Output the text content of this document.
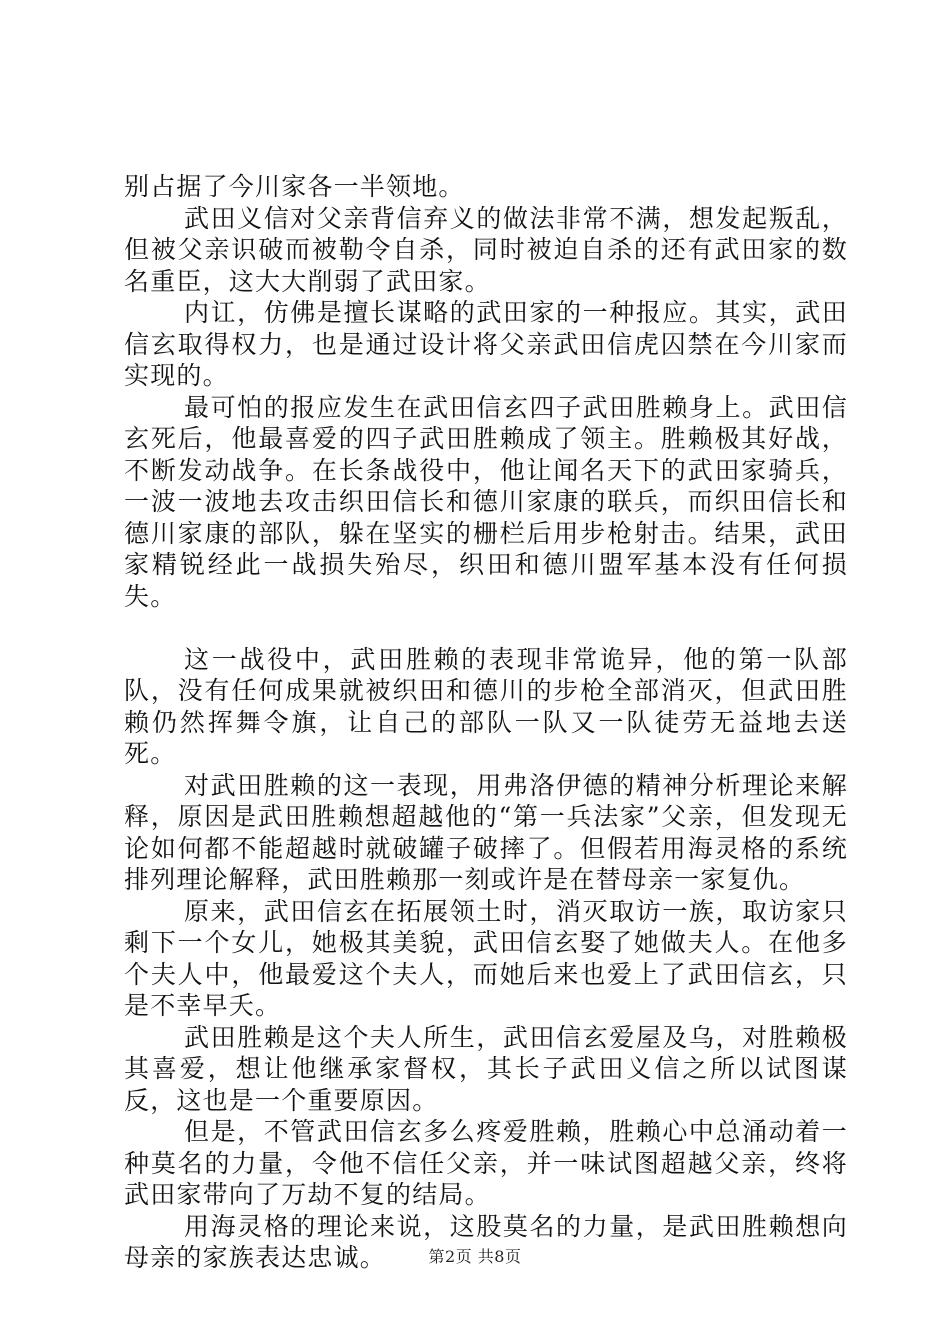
别占据了今川家各一半领地。

武田义信对父亲背信弃义的做法非常不满，想发起叛乱，但被父亲识破而被勒令自杀，同时被迫自杀的还有武田家的数名重臣，这大大削弱了武田家。

内讧，仿佛是擅长谋略的武田家的一种报应。其实，武田信玄取得权力，也是通过设计将父亲武田信虎囚禁在今川家而实现的。

最可怕的报应发生在武田信玄四子武田胜赖身上。武田信玄死后，他最喜爱的四子武田胜赖成了领主。胜赖极其好战，不断发动战争。在长条战役中，他让闻名天下的武田家骑兵，一波一波地去攻击织田信长和德川家康的联兵，而织田信长和德川家康的部队，躲在坚实的栅栏后用步枪射击。结果，武田家精锐经此一战损失殆尽，织田和德川盟军基本没有任何损失。

这一战役中，武田胜赖的表现非常诡异，他的第一队部队，没有任何成果就被织田和德川的步枪全部消灭，但武田胜赖仍然挥舞令旗，让自己的部队一队又一队徒劳无益地去送死。

对武田胜赖的这一表现，用弗洛伊德的精神分析理论来解释，原因是武田胜赖想超越他的“第一兵法家”父亲，但发现无论如何都不能超越时就破罐子破摔了。但假若用海灵格的系统排列理论解释，武田胜赖那一刻或许是在替母亲一家复仇。

原来，武田信玄在拓展领土时，消灭取访一族，取访家只剩下一个女儿，她极其美貌，武田信玄娶了她做夫人。在他多个夫人中，他最爱这个夫人，而她后来也爱上了武田信玄，只是不幸早夭。

武田胜赖是这个夫人所生，武田信玄爱屋及乌，对胜赖极其喜爱，想让他继承家督权，其长子武田义信之所以试图谋反，这也是一个重要原因。

但是，不管武田信玄多么疼爱胜赖，胜赖心中总涌动着一种莫名的力量，令他不信任父亲，并一味试图超越父亲，终将武田家带向了万劫不复的结局。

用海灵格的理论来说，这股莫名的力量，是武田胜赖想向母亲的家族表达忠诚。	第2页 共8页
